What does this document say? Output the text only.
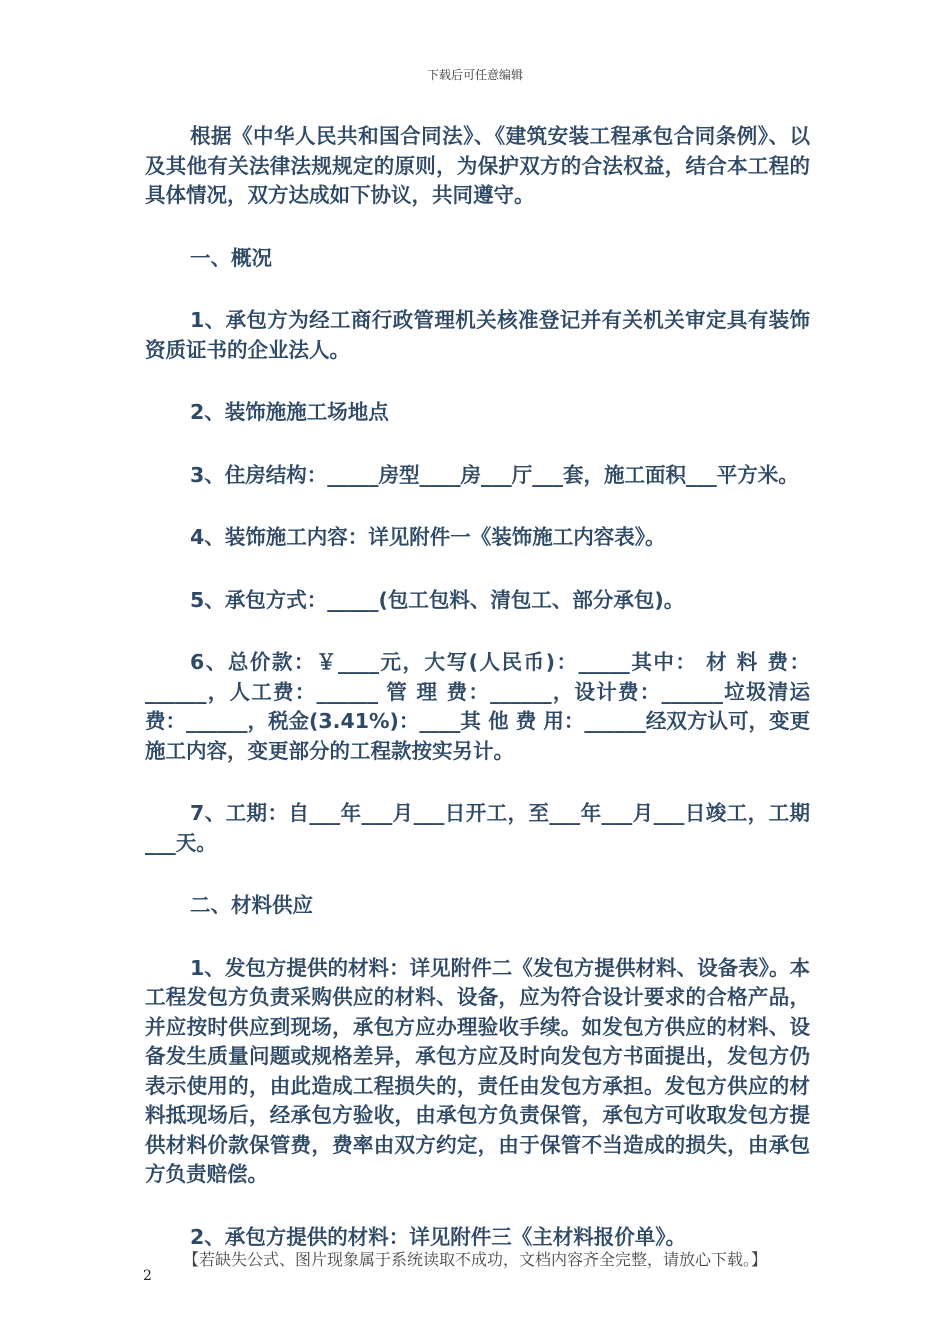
下载后可任意编辑

根据《中华人民共和国合同法》、《建筑安装工程承包合同条例》、以及其他有关法律法规规定的原则，为保护双方的合法权益，结合本工程的具体情况，双方达成如下协议，共同遵守。

一、概况

1、承包方为经工商行政管理机关核准登记并有关机关审定具有装饰资质证书的企业法人。

2、装饰施施工场地点

3、住房结构：_____房型____房___厅___套，施工面积___平方米。

4、装饰施工内容：详见附件一《装饰施工内容表》。

5、承包方式：_____(包工包料、清包工、部分承包)。

6、总价款：￥____元，大写(人民币)：_____其中： 材 料 费：______，人工费：______ 管 理 费：______，设计费：______垃圾清运费：______，税金(3.41%)：____其 他 费 用：______经双方认可，变更施工内容，变更部分的工程款按实另计。

7、工期：自___年___月___日开工，至___年___月___日竣工，工期___天。

二、材料供应

1、发包方提供的材料：详见附件二《发包方提供材料、设备表》。本工程发包方负责采购供应的材料、设备，应为符合设计要求的合格产品，并应按时供应到现场，承包方应办理验收手续。如发包方供应的材料、设备发生质量问题或规格差异，承包方应及时向发包方书面提出，发包方仍表示使用的，由此造成工程损失的，责任由发包方承担。发包方供应的材料抵现场后，经承包方验收，由承包方负责保管，承包方可收取发包方提供材料价款保管费，费率由双方约定，由于保管不当造成的损失，由承包方负责赔偿。

2、承包方提供的材料：详见附件三《主材料报价单》。

【若缺失公式、图片现象属于系统读取不成功，文档内容齐全完整，请放心下载。】
2
